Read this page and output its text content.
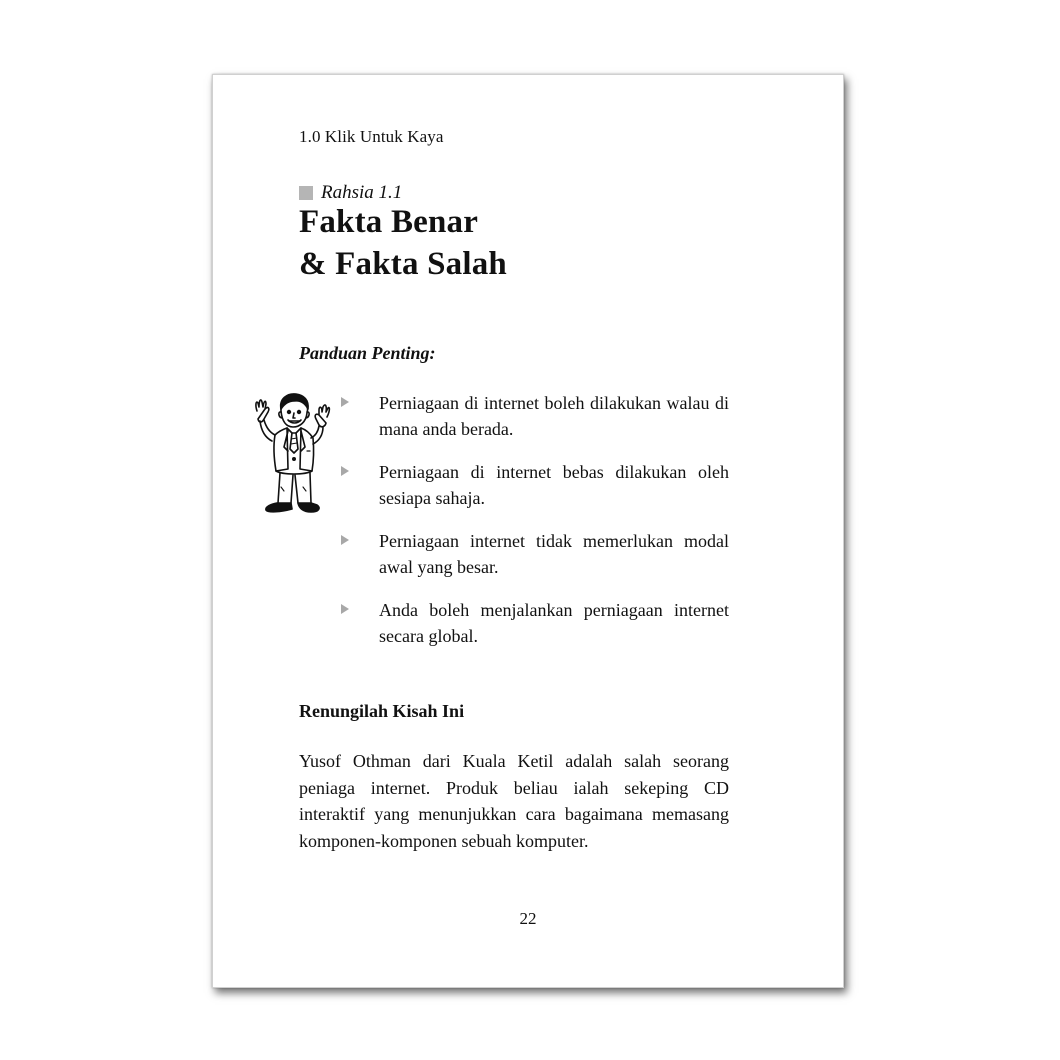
1.0 Klik Untuk Kaya
Rahsia 1.1
Fakta Benar
& Fakta Salah
Panduan Penting:
Perniagaan di internet boleh dilakukan walau di mana anda berada.
Perniagaan di internet bebas dilakukan oleh sesiapa sahaja.
Perniagaan internet tidak memerlukan modal awal yang besar.
Anda boleh menjalankan perniagaan internet secara global.
Renungilah Kisah Ini

Yusof Othman dari Kuala Ketil adalah salah seorang peniaga internet. Produk beliau ialah sekeping CD interaktif yang menunjukkan cara bagaimana memasang komponen-komponen sebuah komputer.

22
